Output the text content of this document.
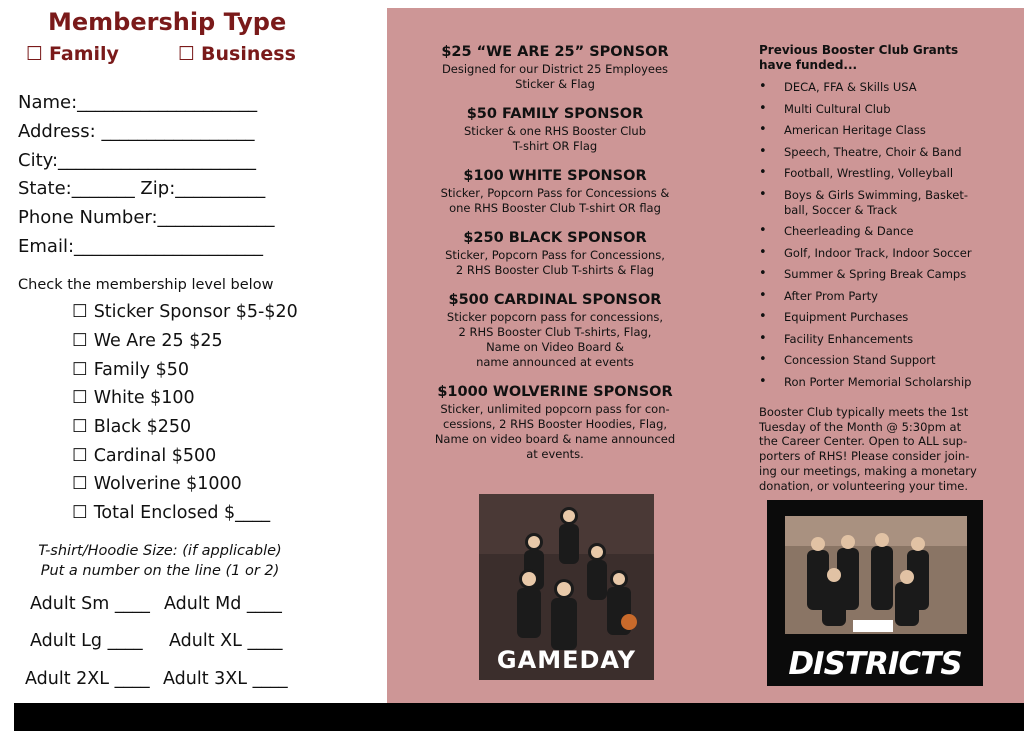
Membership Type
☐ Family	☐ Business
Name:____________________
Address: _________________
City:______________________
State:_______ Zip:__________
Phone Number:_____________
Email:_____________________
Check the membership level below
☐ Sticker Sponsor $5-$20
☐ We Are 25 $25
☐ Family $50
☐ White $100
☐ Black $250
☐ Cardinal $500
☐ Wolverine $1000
☐ Total Enclosed $____
T-shirt/Hoodie Size: (if applicable)
Put a number on the line (1 or 2)
Adult Sm ____ Adult Md ____
Adult Lg ____ Adult XL ____
Adult 2XL ____ Adult 3XL ____
$25 “WE ARE 25” SPONSOR
Designed for our District 25 Employees
Sticker & Flag
$50 FAMILY SPONSOR
Sticker & one RHS Booster Club
T-shirt OR Flag
$100 WHITE SPONSOR
Sticker, Popcorn Pass for Concessions &
one RHS Booster Club T-shirt OR flag
$250 BLACK SPONSOR
Sticker, Popcorn Pass for Concessions,
2 RHS Booster Club T-shirts & Flag
$500 CARDINAL SPONSOR
Sticker popcorn pass for concessions,
2 RHS Booster Club T-shirts, Flag,
Name on Video Board &
name announced at events
$1000 WOLVERINE SPONSOR
Sticker, unlimited popcorn pass for con-
cessions, 2 RHS Booster Hoodies, Flag,
Name on video board & name announced
at events.
GAMEDAY	DISTRICTS
Previous Booster Club Grants
have funded...
• DECA, FFA & Skills USA
• Multi Cultural Club
• American Heritage Class
• Speech, Theatre, Choir & Band
• Football, Wrestling, Volleyball
• Boys & Girls Swimming, Basket-ball, Soccer & Track
• Cheerleading & Dance
• Golf, Indoor Track, Indoor Soccer
• Summer & Spring Break Camps
• After Prom Party
• Equipment Purchases
• Facility Enhancements
• Concession Stand Support
• Ron Porter Memorial Scholarship
Booster Club typically meets the 1st
Tuesday of the Month @ 5:30pm at
the Career Center. Open to ALL sup-
porters of RHS! Please consider join-
ing our meetings, making a monetary
donation, or volunteering your time.
